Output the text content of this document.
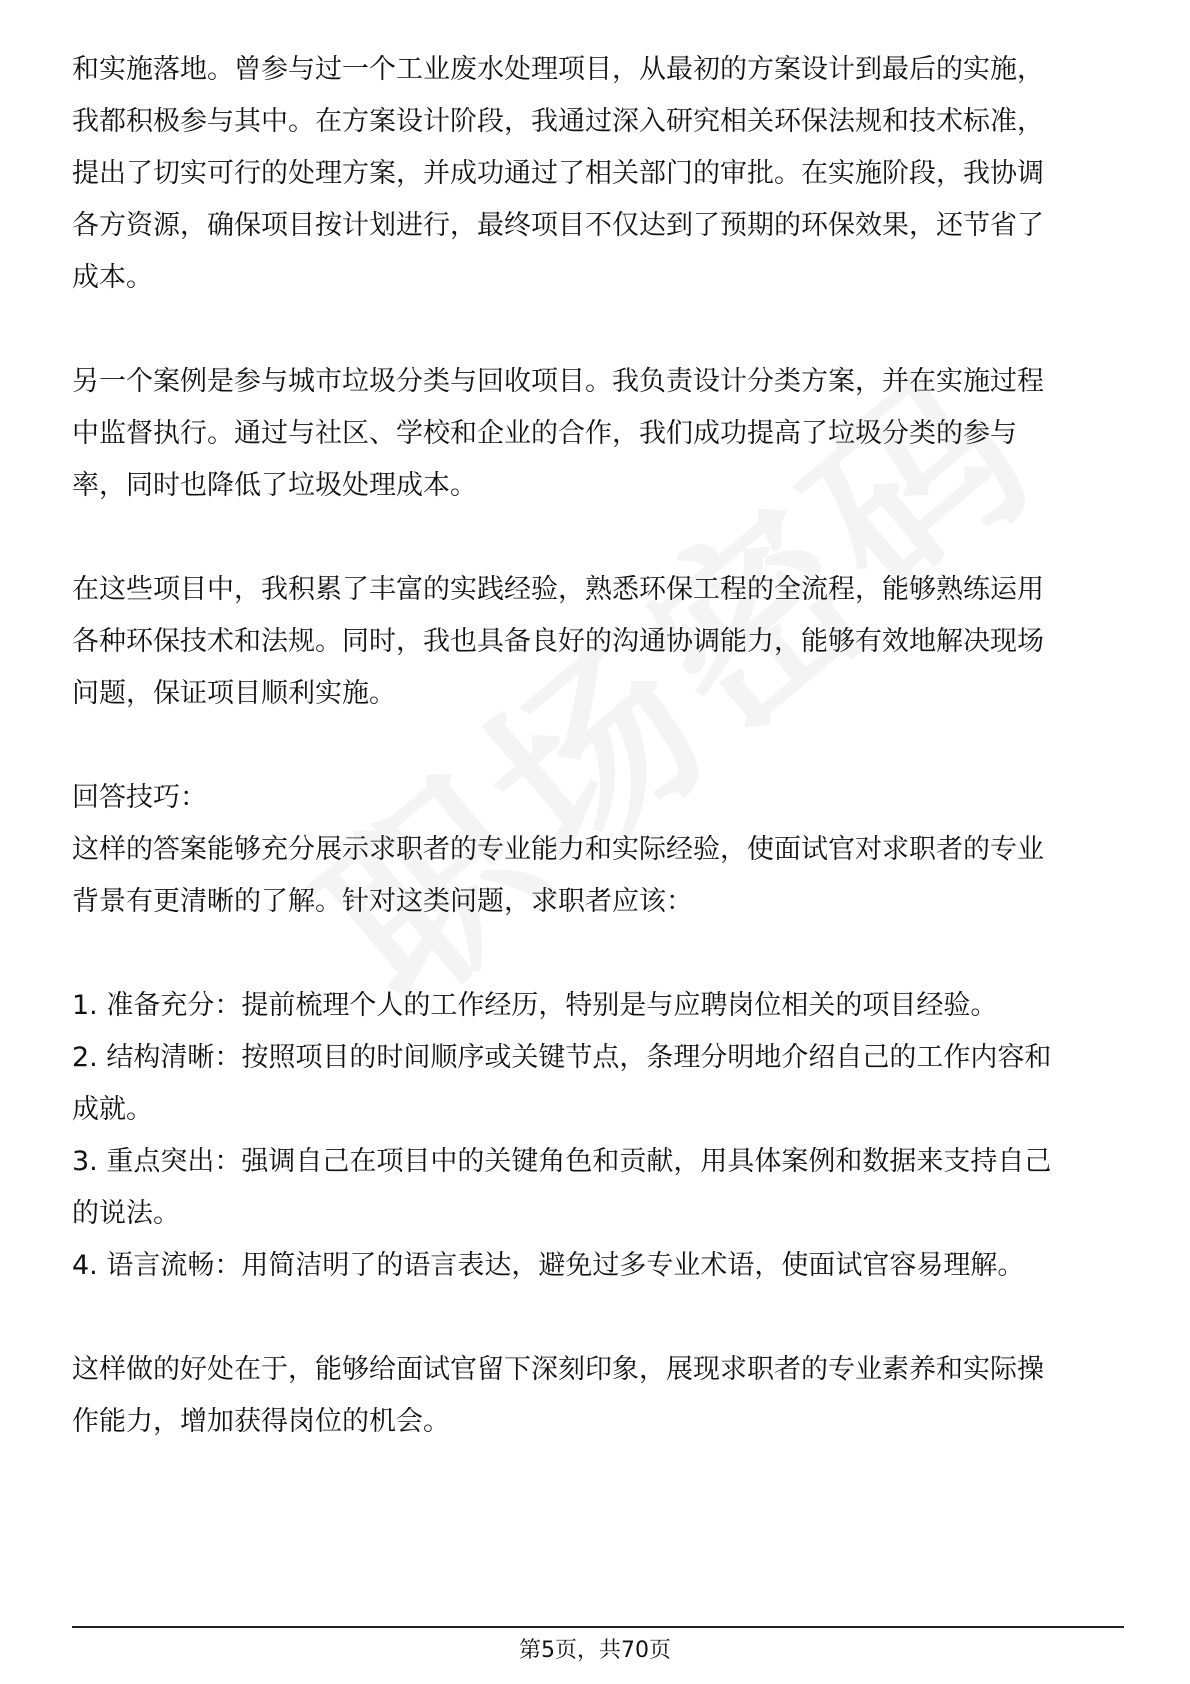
和实施落地。曾参与过一个工业废水处理项目，从最初的方案设计到最后的实施，
我都积极参与其中。在方案设计阶段，我通过深入研究相关环保法规和技术标准，
提出了切实可行的处理方案，并成功通过了相关部门的审批。在实施阶段，我协调
各方资源，确保项目按计划进行，最终项目不仅达到了预期的环保效果，还节省了
成本。
另一个案例是参与城市垃圾分类与回收项目。我负责设计分类方案，并在实施过程
中监督执行。通过与社区、学校和企业的合作，我们成功提高了垃圾分类的参与
率，同时也降低了垃圾处理成本。
在这些项目中，我积累了丰富的实践经验，熟悉环保工程的全流程，能够熟练运用
各种环保技术和法规。同时，我也具备良好的沟通协调能力，能够有效地解决现场
问题，保证项目顺利实施。
回答技巧：
这样的答案能够充分展示求职者的专业能力和实际经验，使面试官对求职者的专业
背景有更清晰的了解。针对这类问题，求职者应该：
1. 准备充分：提前梳理个人的工作经历，特别是与应聘岗位相关的项目经验。
2. 结构清晰：按照项目的时间顺序或关键节点，条理分明地介绍自己的工作内容和
成就。
3. 重点突出：强调自己在项目中的关键角色和贡献，用具体案例和数据来支持自己
的说法。
4. 语言流畅：用简洁明了的语言表达，避免过多专业术语，使面试官容易理解。
这样做的好处在于，能够给面试官留下深刻印象，展现求职者的专业素养和实际操
作能力，增加获得岗位的机会。
第5页，共70页
